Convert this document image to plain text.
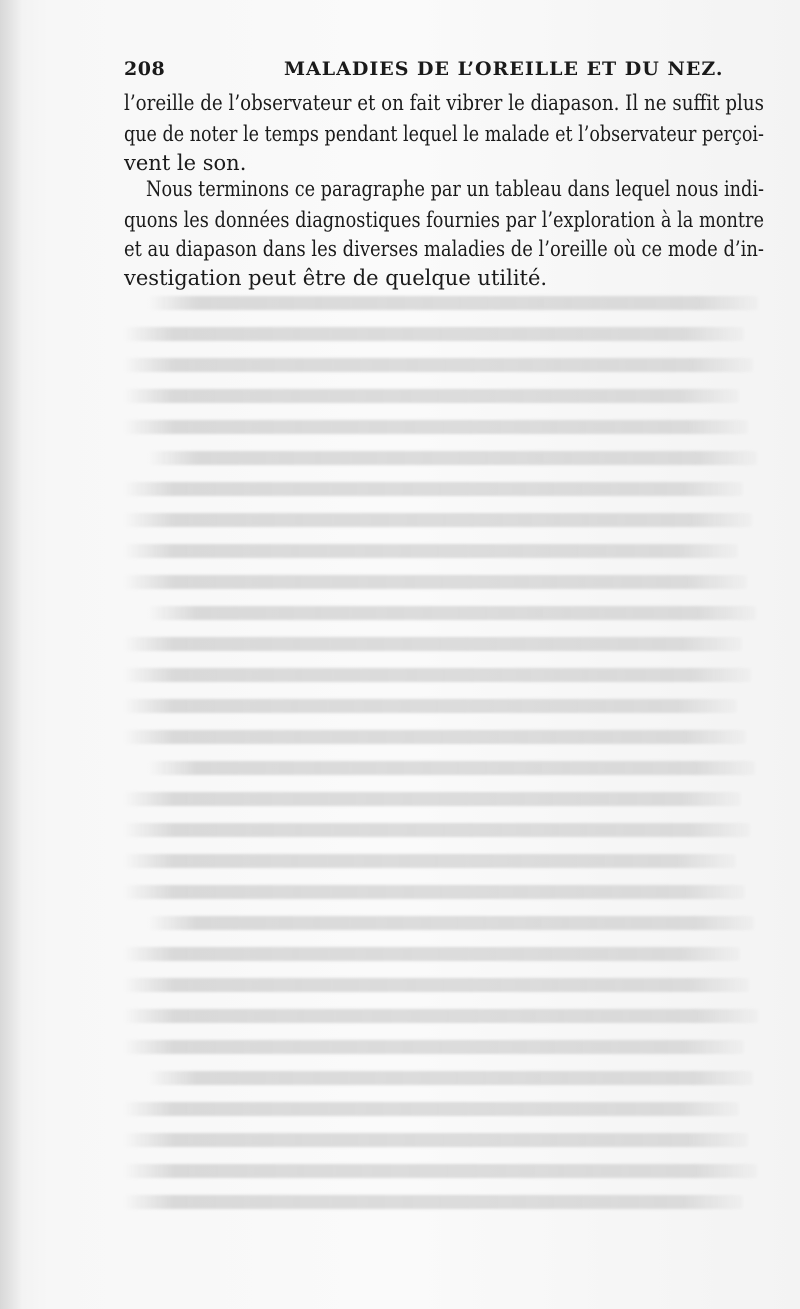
208	MALADIES DE L’OREILLE ET DU NEZ.
l’oreille de l’observateur et on fait vibrer le diapason. Il ne suffit plus
que de noter le temps pendant lequel le malade et l’observateur perçoi-
vent le son.
Nous terminons ce paragraphe par un tableau dans lequel nous indi-
quons les données diagnostiques fournies par l’exploration à la montre
et au diapason dans les diverses maladies de l’oreille où ce mode d’in-
vestigation peut être de quelque utilité.
